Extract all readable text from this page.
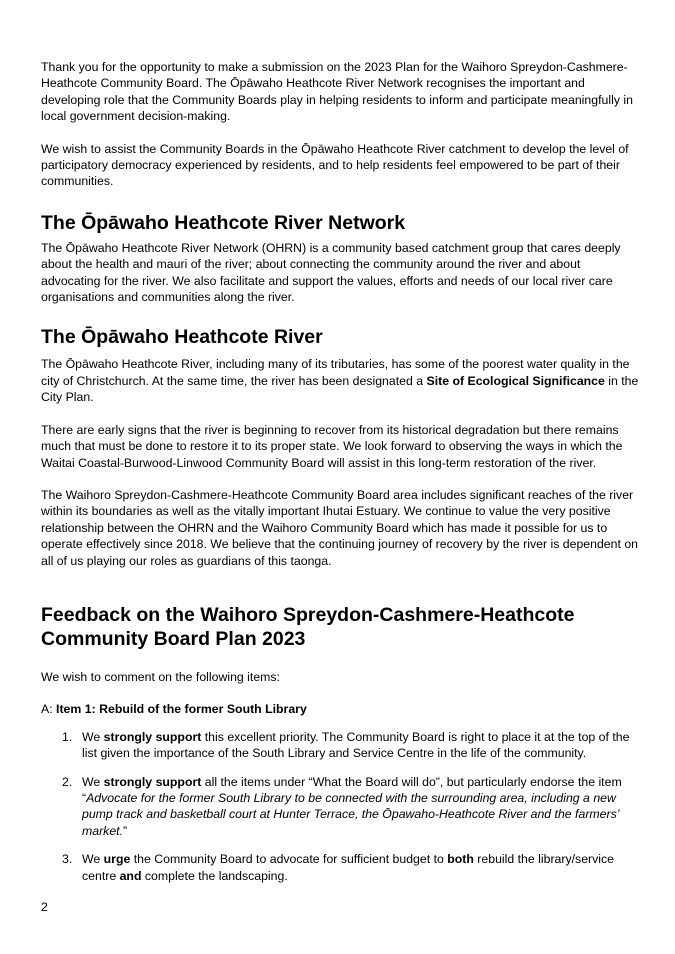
Thank you for the opportunity to make a submission on the 2023 Plan for the Waihoro Spreydon-Cashmere-Heathcote Community Board. The Ōpāwaho Heathcote River Network recognises the important and developing role that the Community Boards play in helping residents to inform and participate meaningfully in local government decision-making.

We wish to assist the Community Boards in the Ōpāwaho Heathcote River catchment to develop the level of participatory democracy experienced by residents, and to help residents feel empowered to be part of their communities.

The Ōpāwaho Heathcote River Network

The Ōpāwaho Heathcote River Network (OHRN) is a community based catchment group that cares deeply about the health and mauri of the river; about connecting the community around the river and about advocating for the river. We also facilitate and support the values, efforts and needs of our local river care organisations and communities along the river.

The Ōpāwaho Heathcote River

The Ōpāwaho Heathcote River, including many of its tributaries, has some of the poorest water quality in the city of Christchurch. At the same time, the river has been designated a Site of Ecological Significance in the City Plan.

There are early signs that the river is beginning to recover from its historical degradation but there remains much that must be done to restore it to its proper state. We look forward to observing the ways in which the Waitai Coastal-Burwood-Linwood Community Board will assist in this long-term restoration of the river.

The Waihoro Spreydon-Cashmere-Heathcote Community Board area includes significant reaches of the river within its boundaries as well as the vitally important Ihutai Estuary. We continue to value the very positive relationship between the OHRN and the Waihoro Community Board which has made it possible for us to operate effectively since 2018. We believe that the continuing journey of recovery by the river is dependent on all of us playing our roles as guardians of this taonga.

Feedback on the Waihoro Spreydon-Cashmere-Heathcote Community Board Plan 2023

We wish to comment on the following items:

A: Item 1: Rebuild of the former South Library

1. We strongly support this excellent priority. The Community Board is right to place it at the top of the list given the importance of the South Library and Service Centre in the life of the community.
2. We strongly support all the items under “What the Board will do”, but particularly endorse the item “Advocate for the former South Library to be connected with the surrounding area, including a new pump track and basketball court at Hunter Terrace, the Ōpawaho-Heathcote River and the farmers’ market.”
3. We urge the Community Board to advocate for sufficient budget to both rebuild the library/service centre and complete the landscaping.
2
